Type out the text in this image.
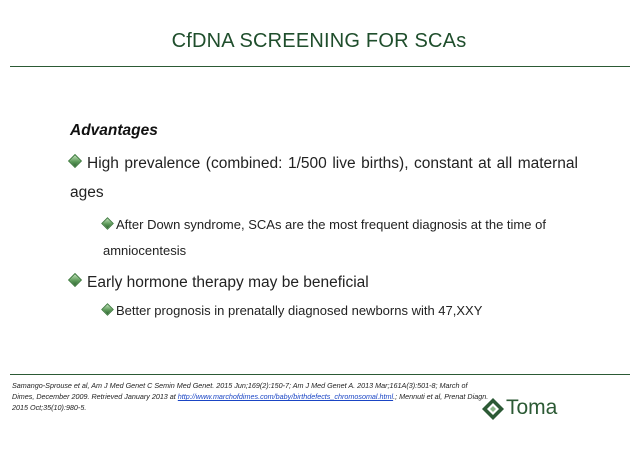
CfDNA SCREENING FOR SCAs
Advantages
High prevalence (combined: 1/500 live births), constant at all maternal ages
After Down syndrome, SCAs are the most frequent diagnosis at the time of amniocentesis
Early hormone therapy may be beneficial
Better prognosis in prenatally diagnosed newborns with 47,XXY
Samango-Sprouse et al, Am J Med Genet C Semin Med Genet. 2015 Jun;169(2):150-7; Am J Med Genet A. 2013 Mar;161A(3):501-8; March of Dimes, December 2009. Retrieved January 2013 at http://www.marchofdimes.com/baby/birthdefects_chromosomal.html.; Mennuti et al, Prenat Diagn. 2015 Oct;35(10):980-5.	Toma
